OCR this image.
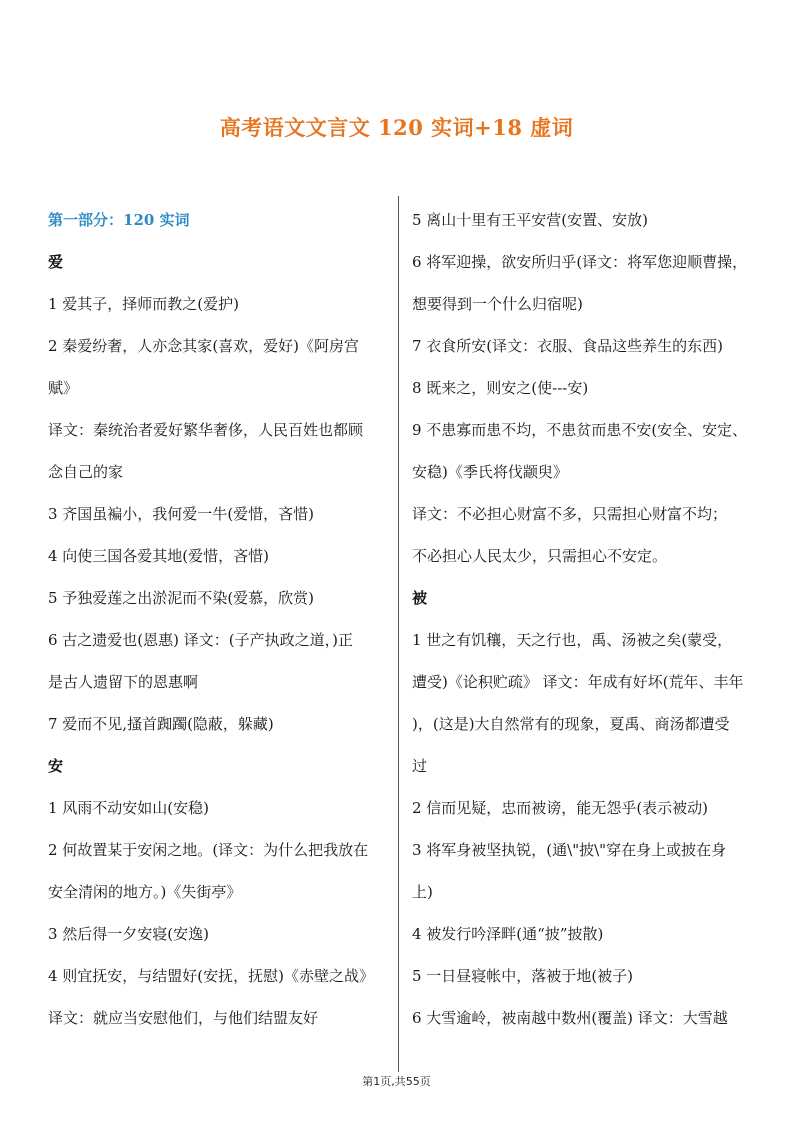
高考语文文言文 120 实词+18 虚词
第一部分：120 实词
爱
1 爱其子，择师而教之(爱护)
2 秦爱纷奢，人亦念其家(喜欢，爱好)《阿房宫
赋》
译文：秦统治者爱好繁华奢侈，人民百姓也都顾
念自己的家
3 齐国虽褊小，我何爱一牛(爱惜，吝惜)
4 向使三国各爱其地(爱惜，吝惜)
5 予独爱莲之出淤泥而不染(爱慕，欣赏)
6 古之遗爱也(恩惠) 译文：(子产执政之道，)正
是古人遗留下的恩惠啊
7 爱而不见,搔首踟躅(隐蔽，躲藏)
安
1 风雨不动安如山(安稳)
2 何故置某于安闲之地。(译文：为什么把我放在
安全清闲的地方。)《失街亭》
3 然后得一夕安寝(安逸)
4 则宜抚安，与结盟好(安抚，抚慰)《赤壁之战》
译文：就应当安慰他们，与他们结盟友好
5 离山十里有王平安营(安置、安放)
6 将军迎操，欲安所归乎(译文：将军您迎顺曹操，
想要得到一个什么归宿呢)
7 衣食所安(译文：衣服、食品这些养生的东西)
8 既来之，则安之(使---安)
9 不患寡而患不均，不患贫而患不安(安全、安定、
安稳)《季氏将伐颛臾》
译文：不必担心财富不多，只需担心财富不均；
不必担心人民太少，只需担心不安定。
被
1 世之有饥穰，天之行也，禹、汤被之矣(蒙受，
遭受)《论积贮疏》 译文：年成有好坏(荒年、丰年
)，(这是)大自然常有的现象，夏禹、商汤都遭受
过
2 信而见疑，忠而被谤，能无怨乎(表示被动)
3 将军身被坚执锐，(通\"披\"穿在身上或披在身
上)
4 被发行吟泽畔(通“披”披散)
5 一日昼寝帐中，落被于地(被子)
6 大雪逾岭，被南越中数州(覆盖) 译文：大雪越
第1页,共55页
